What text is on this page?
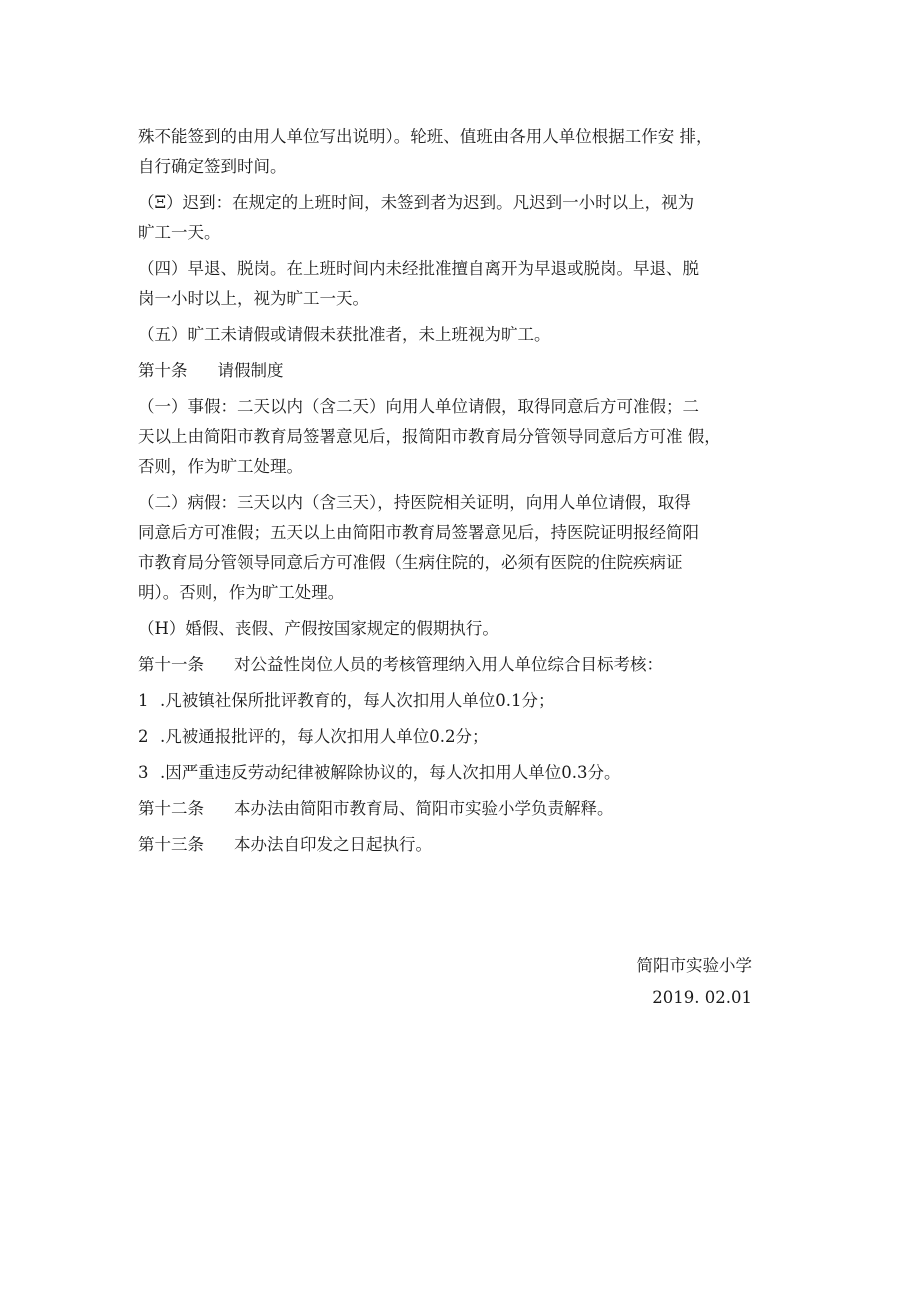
殊不能签到的由用人单位写出说明）。轮班、值班由各用人单位根据工作安 排，
自行确定签到时间。
（Ξ）迟到：在规定的上班时间，未签到者为迟到。凡迟到一小时以上，视为
旷工一天。
（四）早退、脱岗。在上班时间内未经批准擅自离开为早退或脱岗。早退、脱
岗一小时以上，视为旷工一天。
（五）旷工未请假或请假未获批准者，未上班视为旷工。
第十条 请假制度
（一）事假：二天以内（含二天）向用人单位请假，取得同意后方可准假；二
天以上由简阳市教育局签署意见后，报简阳市教育局分管领导同意后方可准 假，
否则，作为旷工处理。
（二）病假：三天以内（含三天），持医院相关证明，向用人单位请假，取得
同意后方可准假；五天以上由简阳市教育局签署意见后，持医院证明报经简阳
市教育局分管领导同意后方可准假（生病住院的，必须有医院的住院疾病证
明）。否则，作为旷工处理。
（H）婚假、丧假、产假按国家规定的假期执行。
第十一条 对公益性岗位人员的考核管理纳入用人单位综合目标考核：
1 .凡被镇社保所批评教育的，每人次扣用人单位0.1分；
2 .凡被通报批评的，每人次扣用人单位0.2分；
3 .因严重违反劳动纪律被解除协议的，每人次扣用人单位0.3分。
第十二条 本办法由简阳市教育局、简阳市实验小学负责解释。
第十三条 本办法自印发之日起执行。
简阳市实验小学
2019. 02.01
